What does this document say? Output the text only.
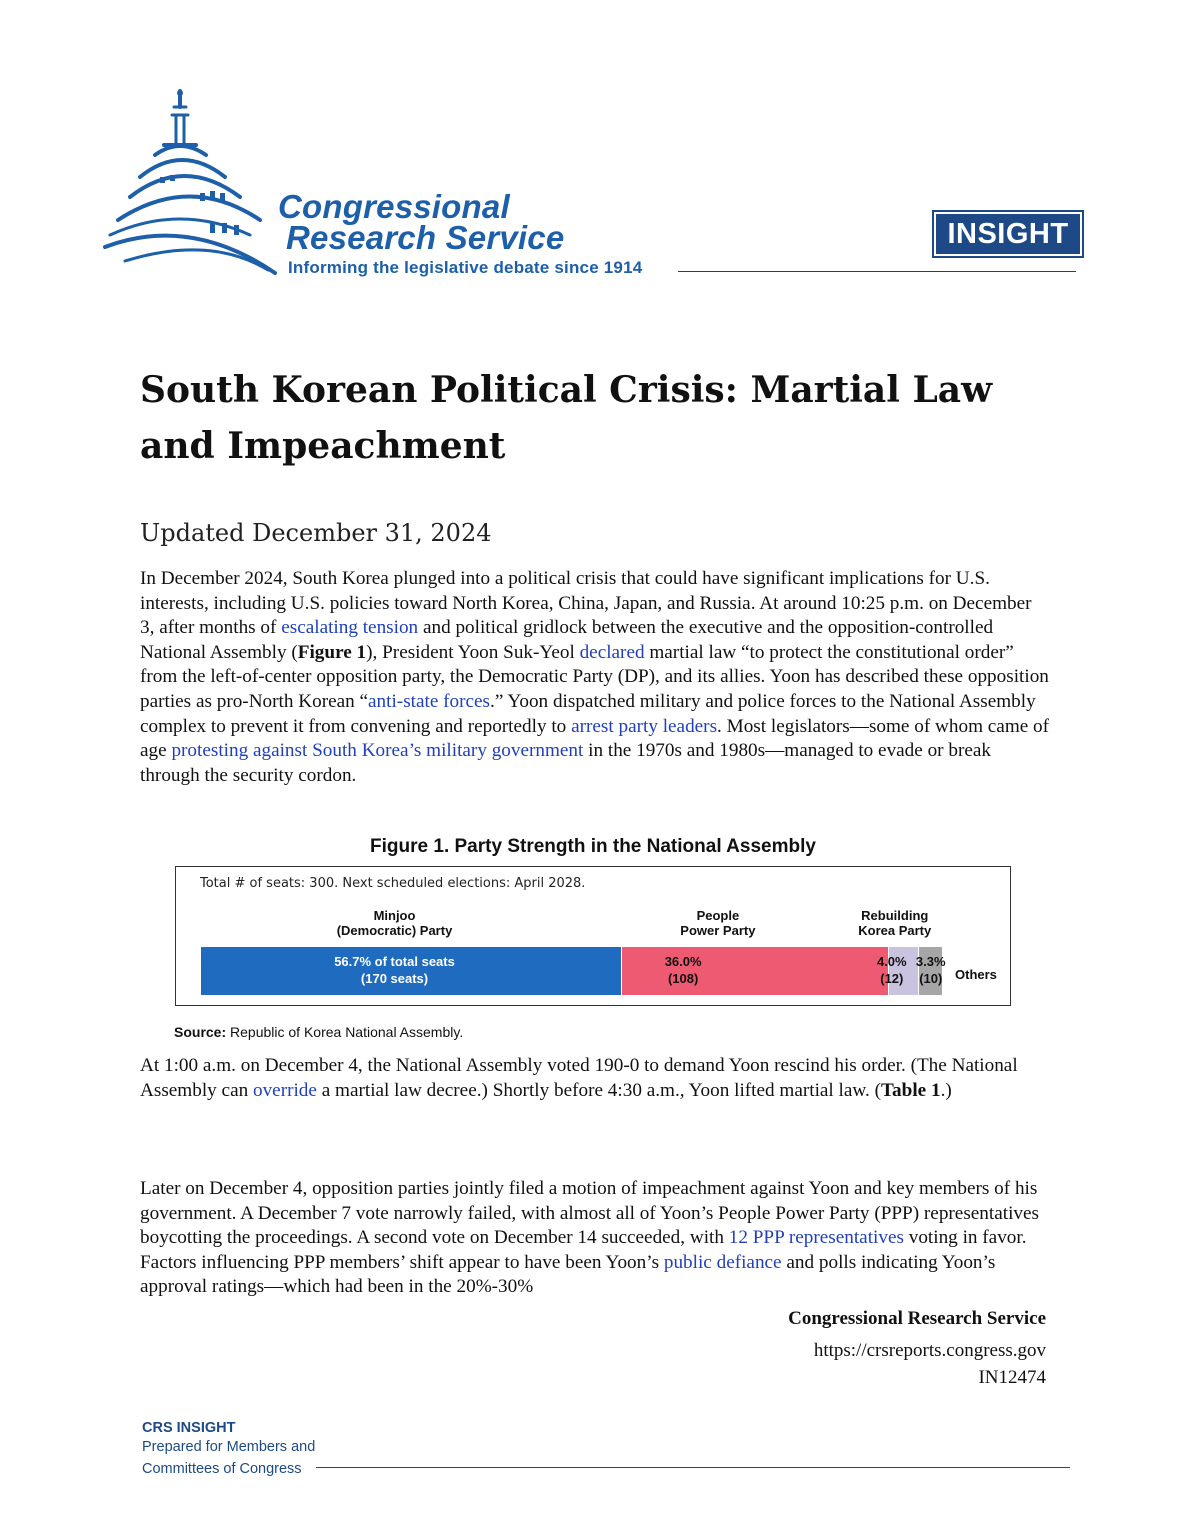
Congressional
Research Service
Informing the legislative debate since 1914
INSIGHT
South Korean Political Crisis: Martial Law and Impeachment
Updated December 31, 2024
In December 2024, South Korea plunged into a political crisis that could have significant implications for U.S. interests, including U.S. policies toward North Korea, China, Japan, and Russia. At around 10:25 p.m. on December 3, after months of escalating tension and political gridlock between the executive and the opposition-controlled National Assembly (Figure 1), President Yoon Suk-Yeol declared martial law “to protect the constitutional order” from the left-of-center opposition party, the Democratic Party (DP), and its allies. Yoon has described these opposition parties as pro-North Korean “anti-state forces.” Yoon dispatched military and police forces to the National Assembly complex to prevent it from convening and reportedly to arrest party leaders. Most legislators—some of whom came of age protesting against South Korea’s military government in the 1970s and 1980s—managed to evade or break through the security cordon.
Figure 1. Party Strength in the National Assembly
Total # of seats: 300. Next scheduled elections: April 2028.
Minjoo
(Democratic) Party
People
Power Party
Rebuilding
Korea Party
56.7% of total seats
(170 seats)
36.0%
(108)
4.0%
(12)
3.3%
(10) Others
Source: Republic of Korea National Assembly.
At 1:00 a.m. on December 4, the National Assembly voted 190-0 to demand Yoon rescind his order. (The National Assembly can override a martial law decree.) Shortly before 4:30 a.m., Yoon lifted martial law. (Table 1.)
Later on December 4, opposition parties jointly filed a motion of impeachment against Yoon and key members of his government. A December 7 vote narrowly failed, with almost all of Yoon’s People Power Party (PPP) representatives boycotting the proceedings. A second vote on December 14 succeeded, with 12 PPP representatives voting in favor. Factors influencing PPP members’ shift appear to have been Yoon’s public defiance and polls indicating Yoon’s approval ratings—which had been in the 20%-30%
Congressional Research Service
https://crsreports.congress.gov
IN12474
CRS INSIGHT
Prepared for Members and
Committees of Congress
